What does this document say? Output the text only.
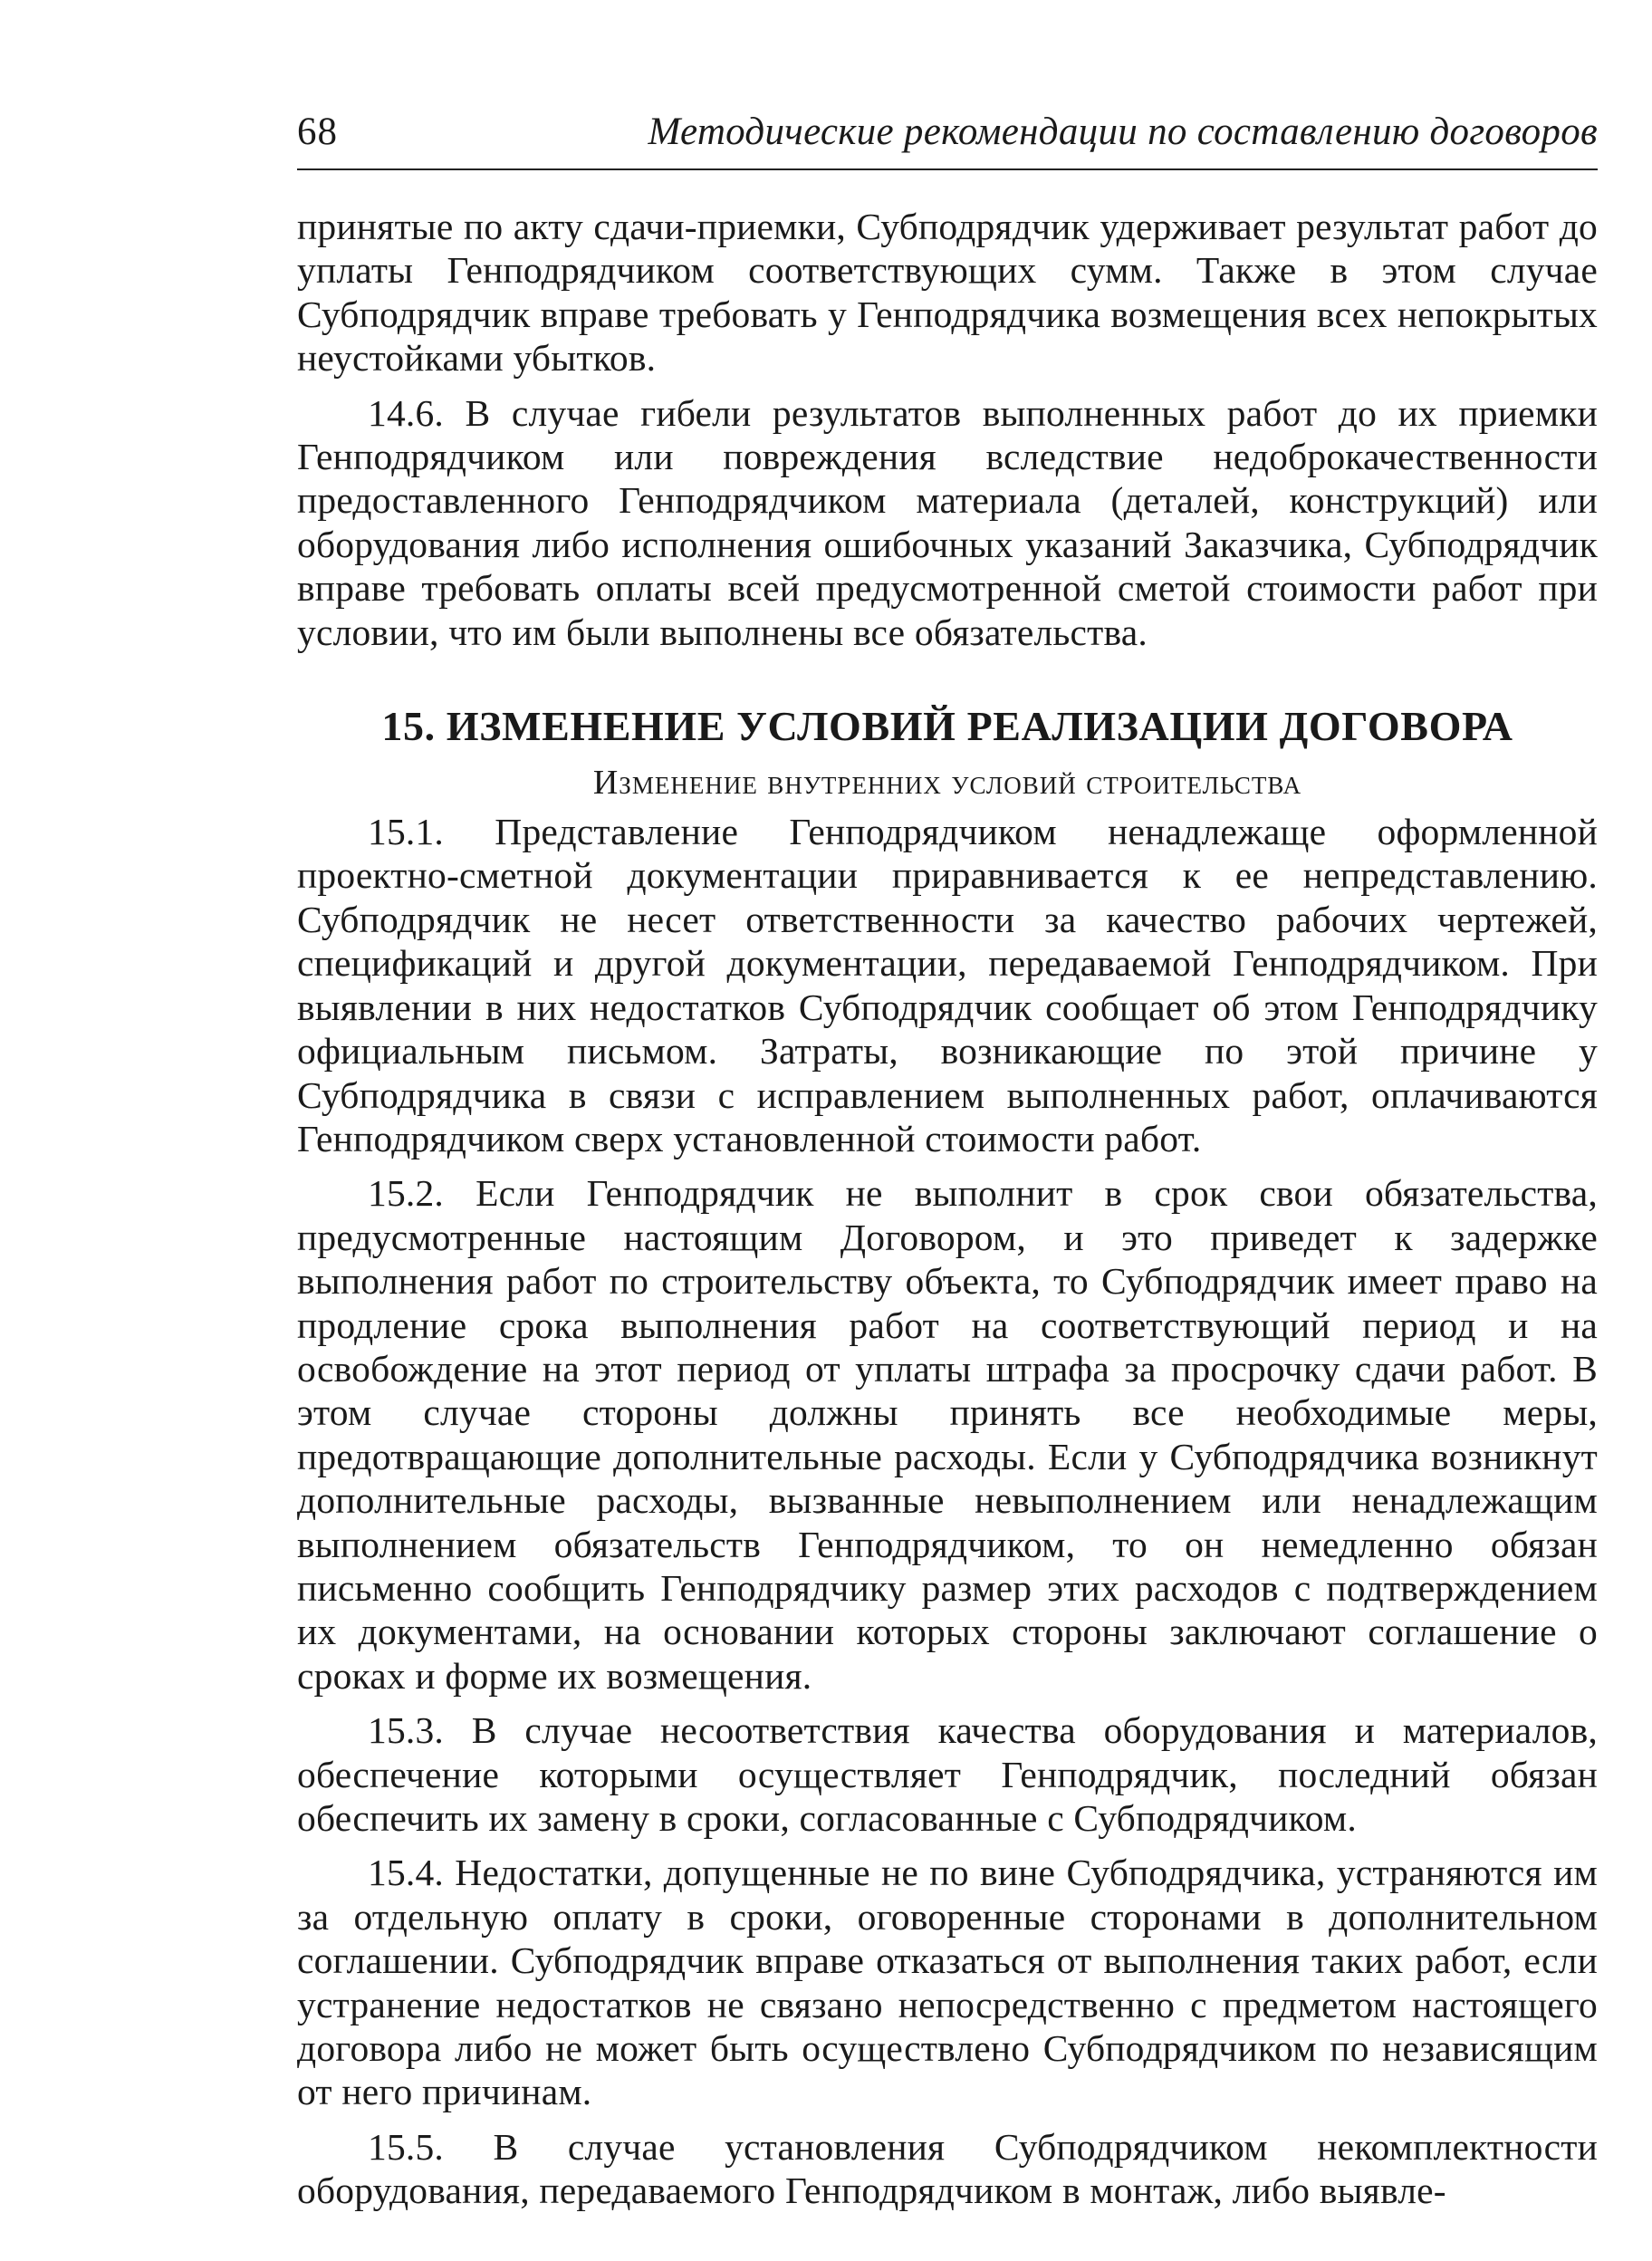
68	Методические рекомендации по составлению договоров

принятые по акту сдачи-приемки, Субподрядчик удерживает результат работ до уплаты Генподрядчиком соответствующих сумм. Также в этом случае Субподрядчик вправе требовать у Генподрядчика возмещения всех непокрытых неустойками убытков.

14.6. В случае гибели результатов выполненных работ до их приемки Генподрядчиком или повреждения вследствие недоброкачественности предоставленного Генподрядчиком материала (деталей, конструкций) или оборудования либо исполнения ошибочных указаний Заказчика, Субподрядчик вправе требовать оплаты всей предусмотренной сметой стоимости работ при условии, что им были выполнены все обязательства.

15. ИЗМЕНЕНИЕ УСЛОВИЙ РЕАЛИЗАЦИИ ДОГОВОРА
Изменение внутренних условий строительства

15.1. Представление Генподрядчиком ненадлежаще оформленной проектно-сметной документации приравнивается к ее непредставлению. Субподрядчик не несет ответственности за качество рабочих чертежей, спецификаций и другой документации, передаваемой Генподрядчиком. При выявлении в них недостатков Субподрядчик сообщает об этом Генподрядчику официальным письмом. Затраты, возникающие по этой причине у Субподрядчика в связи с исправлением выполненных работ, оплачиваются Генподрядчиком сверх установленной стоимости работ.

15.2. Если Генподрядчик не выполнит в срок свои обязательства, предусмотренные настоящим Договором, и это приведет к задержке выполнения работ по строительству объекта, то Субподрядчик имеет право на продление срока выполнения работ на соответствующий период и на освобождение на этот период от уплаты штрафа за просрочку сдачи работ. В этом случае стороны должны принять все необходимые меры, предотвращающие дополнительные расходы. Если у Субподрядчика возникнут дополнительные расходы, вызванные невыполнением или ненадлежащим выполнением обязательств Генподрядчиком, то он немедленно обязан письменно сообщить Генподрядчику размер этих расходов с подтверждением их документами, на основании которых стороны заключают соглашение о сроках и форме их возмещения.

15.3. В случае несоответствия качества оборудования и материалов, обеспечение которыми осуществляет Генподрядчик, последний обязан обеспечить их замену в сроки, согласованные с Субподрядчиком.

15.4. Недостатки, допущенные не по вине Субподрядчика, устраняются им за отдельную оплату в сроки, оговоренные сторонами в дополнительном соглашении. Субподрядчик вправе отказаться от выполнения таких работ, если устранение недостатков не связано непосредственно с предметом настоящего договора либо не может быть осуществлено Субподрядчиком по независящим от него причинам.

15.5. В случае установления Субподрядчиком некомплектности оборудования, передаваемого Генподрядчиком в монтаж, либо выявле-
